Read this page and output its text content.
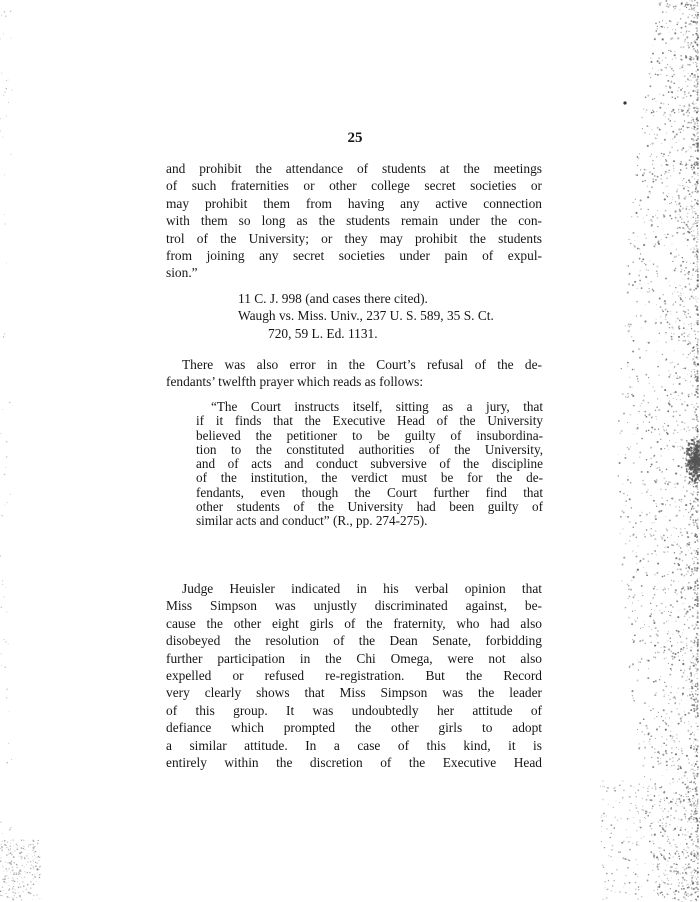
25
and prohibit the attendance of students at the meetings
of such fraternities or other college secret societies or
may prohibit them from having any active connection
with them so long as the students remain under the con-
trol of the University; or they may prohibit the students
from joining any secret societies under pain of expul-
sion.”
11 C. J. 998 (and cases there cited).
Waugh vs. Miss. Univ., 237 U. S. 589, 35 S. Ct.
720, 59 L. Ed. 1131.
There was also error in the Court’s refusal of the de-
fendants’ twelfth prayer which reads as follows:
“The Court instructs itself, sitting as a jury, that
if it finds that the Executive Head of the University
believed the petitioner to be guilty of insubordina-
tion to the constituted authorities of the University,
and of acts and conduct subversive of the discipline
of the institution, the verdict must be for the de-
fendants, even though the Court further find that
other students of the University had been guilty of
similar acts and conduct” (R., pp. 274-275).
Judge Heuisler indicated in his verbal opinion that
Miss Simpson was unjustly discriminated against, be-
cause the other eight girls of the fraternity, who had also
disobeyed the resolution of the Dean Senate, forbidding
further participation in the Chi Omega, were not also
expelled or refused re-registration. But the Record
very clearly shows that Miss Simpson was the leader
of this group. It was undoubtedly her attitude of
defiance which prompted the other girls to adopt
a similar attitude. In a case of this kind, it is
entirely within the discretion of the Executive Head
